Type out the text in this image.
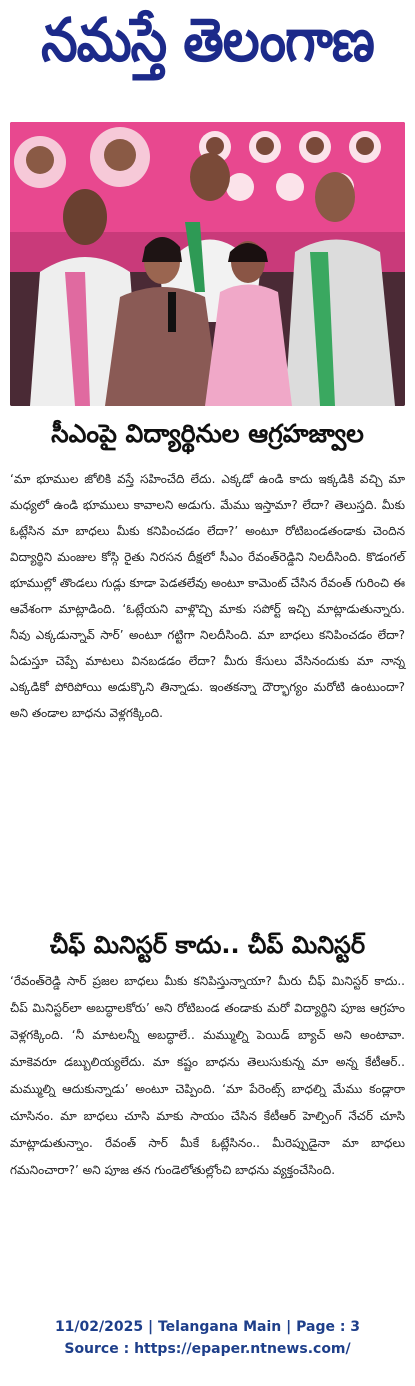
నమస్తే తెలంగాణ
సీఎంపై విద్యార్థినుల ఆగ్రహజ్వాల

‘మా భూముల జోలికి వస్తే సహించేది లేదు. ఎక్కడో ఉండి కాదు ఇక్కడికి వచ్చి మా మధ్యలో ఉండి భూములు కావాలని అడుగు. మేము ఇస్తామా? లేదా? తెలుస్తది. మీకు ఓట్లేసిన మా బాధలు మీకు కనిపించడం లేదా?’ అంటూ రోటిబండతండాకు చెందిన విద్యార్థిని మంజుల కోస్గి రైతు నిరసన దీక్షలో సీఎం రేవంత్‌రెడ్డిని నిలదీసింది. కొడంగల్ భూముల్లో తొండలు గుడ్లు కూడా పెడతలేవు అంటూ కామెంట్ చేసిన రేవంత్ గురించి ఈ ఆవేశంగా మాట్లాడింది. ‘ఓట్లేయని వాళ్లొచ్చి మాకు సపోర్ట్ ఇచ్చి మాట్లాడుతున్నారు. నీవు ఎక్కడున్నావ్ సార్’ అంటూ గట్టిగా నిలదీసింది. మా బాధలు కనిపించడం లేదా? ఏడుస్తూ చెప్పే మాటలు వినబడడం లేదా? మీరు కేసులు వేసినందుకు మా నాన్న ఎక్కడికో పోరిపోయి అడుక్కొని తిన్నాడు. ఇంతకన్నా దౌర్భాగ్యం మరోటి ఉంటుందా? అని తండాల బాధను వెళ్లగక్కింది.

చీఫ్ మినిస్టర్ కాదు.. చీప్ మినిస్టర్

‘రేవంత్‌రెడ్డి సార్ ప్రజల బాధలు మీకు కనిపిస్తున్నాయా? మీరు చీఫ్ మినిస్టర్ కాదు.. చీప్ మినిస్టర్‌లా అబద్ధాలకోరు’ అని రోటిబండ తండాకు మరో విద్యార్థిని పూజ ఆగ్రహం వెళ్లగక్కింది. ‘నీ మాటలన్నీ అబద్ధాలే.. మమ్ముల్ని పెయిడ్ బ్యాచ్ అని అంటావా. మాకెవరూ డబ్బులియ్యలేదు. మా కష్టం బాధను తెలుసుకున్న మా అన్న కేటీఆర్.. మమ్ముల్ని ఆదుకున్నాడు’ అంటూ చెప్పింది. ‘మా పేరెంట్స్ బాధల్ని మేము కండ్లారా చూసినం. మా బాధలు చూసి మాకు సాయం చేసిన కేటీఆర్ హెల్పింగ్ నేచర్ చూసి మాట్లాడుతున్నాం. రేవంత్ సార్ మీకే ఓట్లేసినం.. మీరెప్పుడైనా మా బాధలు గమనించారా?’ అని పూజ తన గుండెలోతుల్లోంచి బాధను వ్యక్తంచేసింది.

11/02/2025 | Telangana Main | Page : 3
Source : https://epaper.ntnews.com/
